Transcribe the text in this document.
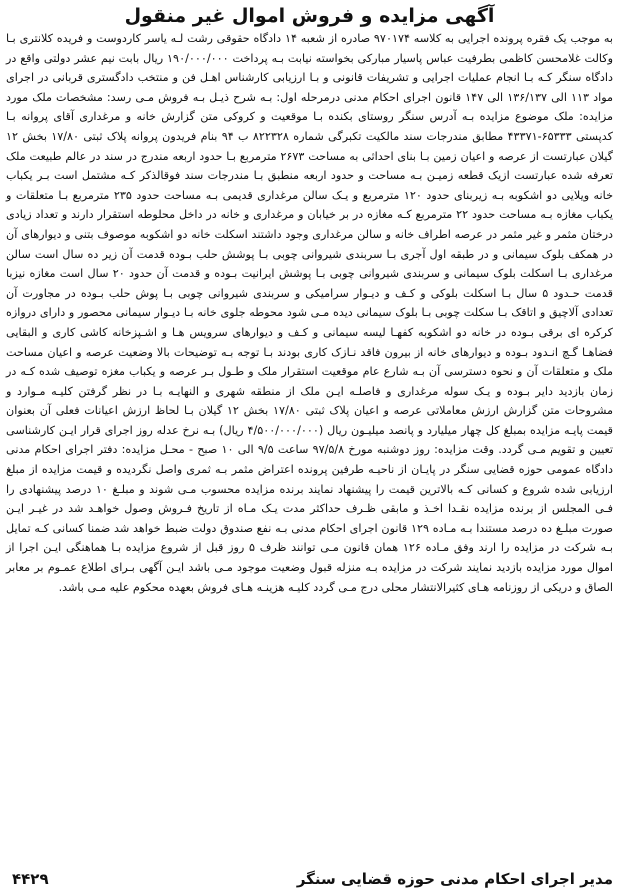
آگهی مزایده و فروش اموال غیر منقول

به موجب یک فقره پرونده اجرایی به کلاسه ۹۷۰۱۷۴ صادره از شعبه ۱۴ دادگاه حقوقی رشت لـه یاسر کاردوست و فریده کلانتری بـا وکالت غلامحسن کاظمی بطرفیت عباس پاسیار مبارکی بخواسته نیابت بـه پرداخت ۱۹۰/۰۰۰/۰۰۰ ریال بابت نیم عشر دولتی واقع در دادگاه سنگر کـه بـا انجام عملیات اجرایی و تشریفات قانونی و بـا ارزیابی کارشناس اهـل فن و منتخب دادگستری قربانی در اجرای مواد ۱۱۳ الی ۱۳۶/۱۳۷ الی ۱۴۷ قانون اجرای احکام مدنی درمرحله اول: بـه شرح ذیـل بـه فروش مـی رسد: مشخصات ملک مورد مزایده: ملک موضوع مزایده بـه آدرس سنگر روستای بکنده بـا موقعیت و کروکی متن گزارش خانه و مرغداری آقای پروانه بـا کدپستی ۶۵۳۳۳-۴۳۳۷۱ مطابق مندرجات سند مالکیت تکبرگی شماره ۸۲۲۳۲۸ ب ۹۴ بنام فریدون پروانه پلاک ثبتی ۱۷/۸۰ بخش ۱۲ گیلان عبارتست از عرصه و اعیان زمین بـا بنای احداثی به مساحت ۲۶۷۳ مترمربع بـا حدود اربعه مندرج در سند در عالم طبیعت ملک تعرفه شده عبارتست ازیک قطعه زمیـن بـه مساحت و حدود اربعه منطبق بـا مندرجات سند فوقالذکر کـه مشتمل است بـر یکباب خانه ویلایی دو اشکوبه بـه زیربنای حدود ۱۲۰ مترمربع و یـک سالن مرغداری قدیمی بـه مساحت حدود ۲۳۵ مترمربع بـا متعلقات و یکباب مغازه بـه مساحت حدود ۲۲ مترمربع کـه مغازه در بر خیابان و مرغداری و خانه در داخل محلوطه استقرار دارند و تعداد زیادی درختان مثمر و غیر مثمر در عرصه اطراف خانه و سالن مرغداری وجود داشتند اسکلت خانه دو اشکوبه موصوف بتنی و دیوارهای آن در همکف بلوک سیمانی و در طبقه اول آجری بـا سربندی شیروانی چوبی بـا پوشش حلب بـوده قدمت آن زیر ده سال است سالن مرغداری بـا اسکلت بلوک سیمانی و سربندی شیروانی چوبی بـا پوشش ایرانیت بـوده و قدمت آن حدود ۲۰ سال است مغازه نیزبا قدمت حـدود ۵ سال بـا اسکلت بلوکی و کـف و دیـوار سرامیکی و سربندی شیروانی چوبی بـا پوش حلب بـوده در مجاورت آن تعدادی آلاچیق و اتاقک بـا سکلت چوبی بـا بلوک سیمانی دیده مـی شود محوطه جلوی خانه بـا دیـوار سیمانی محصور و دارای دروازه کرکره ای برقی بـوده در خانه دو اشکوبه کفهـا لیسه سیمانی و کـف و دیوارهای سرویس هـا و اشـپزخانه کاشی کاری و البقایی فضاهـا گـچ انـدود بـوده و دیوارهای خانه از بیرون فاقد نـازک کاری بودند بـا توجه بـه توضیحات بالا وضعیت عرصه و اعیان مساحت ملک و متعلقات آن و نحوه دسترسی آن بـه شارع عام موقعیت استقرار ملک و طـول بـر عرصه و یکباب مغزه توصیف شده کـه در زمان بازدید دایر بـوده و یـک سوله مرغداری و فاصلـه ایـن ملک از منطقه شهری و النهایـه بـا در نظر گرفتن کلیـه مـوارد و مشروحات متن گزارش ارزش معاملاتی عرصه و اعیان پلاک ثبتی ۱۷/۸۰ بخش ۱۲ گیلان بـا لحاظ ارزش اعیانات فعلی آن بعنوان قیمت پایـه مزایده بمبلغ کل چهار میلیارد و پانصد میلیـون ریال (۴/۵۰۰/۰۰۰/۰۰۰ ریال) بـه نرخ عدله روز اجرای قرار ایـن کارشناسی تعیین و تقویم مـی گردد. وقت مزایده: روز دوشنبه مورخ ۹۷/۵/۸ ساعت ۹/۵ الی ۱۰ صبح - محـل مزایده: دفتر اجرای احکام مدنی دادگاه عمومی حوزه قضایی سنگر در پایـان از ناحیـه طرفین پرونده اعتراض مثمر بـه ثمری واصل نگردیده و قیمت مزایده از مبلغ ارزیابی شده شروع و کسانی کـه بالاترین قیمت را پیشنهاد نمایند برنده مزایده محسوب مـی شوند و مبلـغ ۱۰ درصد پیشنهادی را فـی المجلس از برنده مزایده نقـدا اخـذ و مابقی ظـرف حداکثر مدت یـک مـاه از تاریخ فـروش وصول خواهـد شد در غیـر ایـن صورت مبلـغ ده درصد مستندا بـه مـاده ۱۲۹ قانون اجرای احکام مدنی بـه نفع صندوق دولت ضبط خواهد شد ضمنا کسانی کـه تمایل بـه شرکت در مزایده را ارند وفق مـاده ۱۲۶ همان قانون مـی توانند ظرف ۵ روز قبل از شروع مزایده بـا هماهنگی ایـن اجرا از اموال مورد مزایده بازدید نمایند شرکت در مزایده بـه منزله قبول وضعیت موجود مـی باشد ایـن آگهی بـرای اطلاع عمـوم بر معابر الصاق و دریکی از روزنامه هـای کثیرالانتشار محلی درج مـی گردد کلیـه هزینـه هـای فروش بعهده محکوم علیه مـی باشد.

مدیر اجرای احکام مدنی حوزه قضایی سنگر
۴۴۲۹
